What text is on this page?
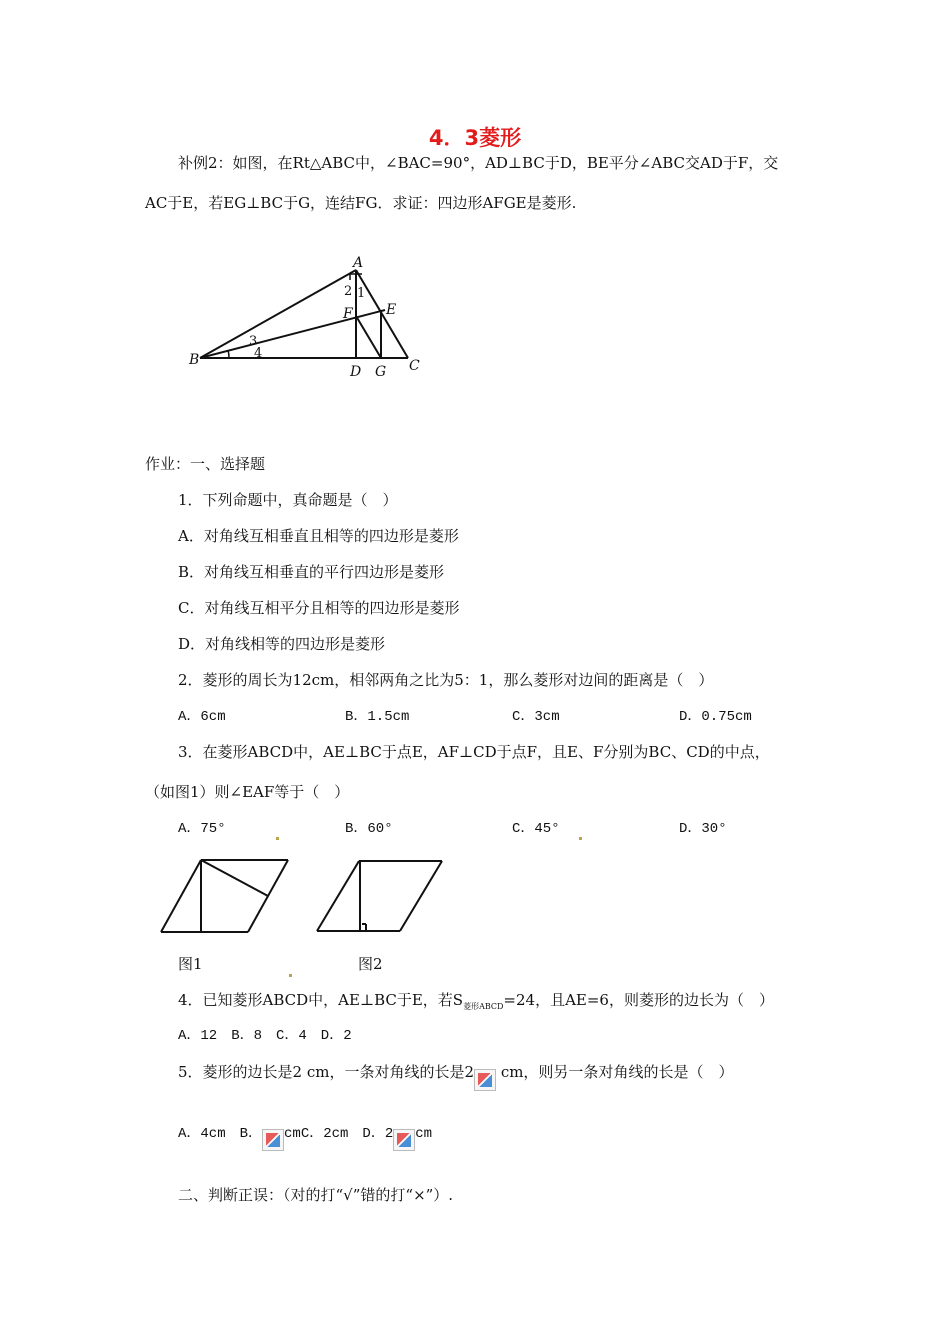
4．3菱形
补例2：如图，在Rt△ABC中，∠BAC=90°，AD⊥BC于D，BE平分∠ABC交AD于F，交
AC于E，若EG⊥BC于G，连结FG．求证：四边形AFGE是菱形.
A
B	C
D
E
F
G
2 1
3
4
作业：一、选择题
1．下列命题中，真命题是（　）
A．对角线互相垂直且相等的四边形是菱形
B．对角线互相垂直的平行四边形是菱形
C．对角线互相平分且相等的四边形是菱形
D．对角线相等的四边形是菱形
2．菱形的周长为12cm，相邻两角之比为5：1，那么菱形对边间的距离是（　）
A．6cm	B．1.5cm	C．3cm	D．0.75cm
3．在菱形ABCD中，AE⊥BC于点E，AF⊥CD于点F，且E、F分别为BC、CD的中点，
（如图1）则∠EAF等于（　）
A．75°	B．60°	C．45°	D．30°
图1	图2
4．已知菱形ABCD中，AE⊥BC于E，若$S_{菱形ABCD}=24$，且AE=6，则菱形的边长为（　）
A．12　B．8　C．4　D．2
5．菱形的边长是2 cm，一条对角线的长是2 cm，则另一条对角线的长是（　）
A．4cm　B． cmC．2cm　D．2 cm
二、判断正误：（对的打“√”错的打“×”）.
